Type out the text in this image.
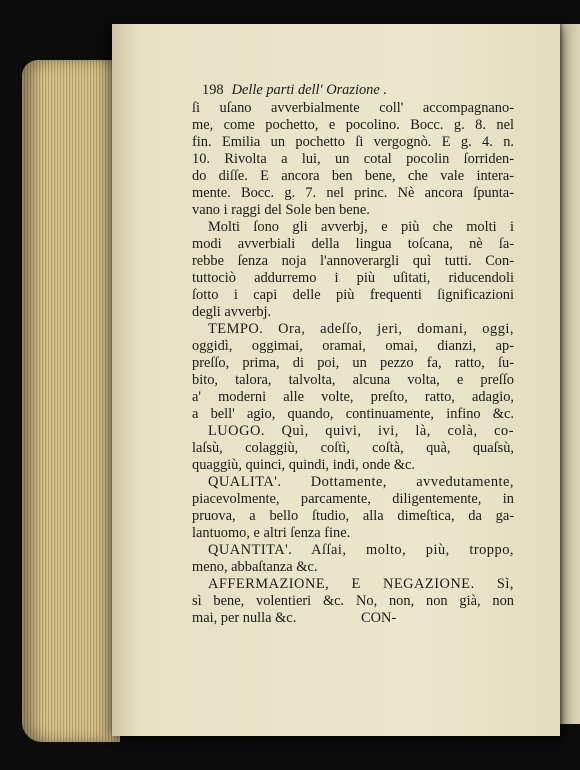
198 Delle parti dell' Orazione .
ſi uſano avverbialmente coll' accompagnano-
me, come pochetto, e pocolino. Bocc. g. 8. nel
fin. Emilia un pochetto ſi vergognò. E g. 4. n.
10. Rivolta a lui, un cotal pocolin ſorriden-
do diſſe. E ancora ben bene, che vale intera-
mente. Bocc. g. 7. nel princ. Nè ancora ſpunta-
vano i raggi del Sole ben bene.
Molti ſono gli avverbj, e più che molti i
modi avverbiali della lingua toſcana, nè ſa-
rebbe ſenza noja l'annoverargli quì tutti. Con-
tuttociò addurremo i più uſitati, riducendoli
ſotto i capi delle più frequenti ſignificazioni
degli avverbj.
TEMPO. Ora, adeſſo, jeri, domani, oggi,
oggidì, oggimai, oramai, omai, dianzi, ap-
preſſo, prima, di poi, un pezzo fa, ratto, ſu-
bito, talora, talvolta, alcuna volta, e preſſo
a' moderni alle volte, preſto, ratto, adagio,
a bell' agio, quando, continuamente, infino &c.
LUOGO. Quì, quivi, ivi, là, colà, co-
laſsù, colaggiù, coſtì, coſtà, quà, quaſsù,
quaggiù, quinci, quindi, indi, onde &c.
QUALITA'. Dottamente, avvedutamente,
piacevolmente, parcamente, diligentemente, in
pruova, a bello ſtudio, alla dimeſtica, da ga-
lantuomo, e altri ſenza fine.
QUANTITA'. Aſſai, molto, più, troppo,
meno, abbaſtanza &c.
AFFERMAZIONE, E NEGAZIONE. Sì,
sì bene, volentieri &c. No, non, non già, non
mai, per nulla &c.                  CON-
